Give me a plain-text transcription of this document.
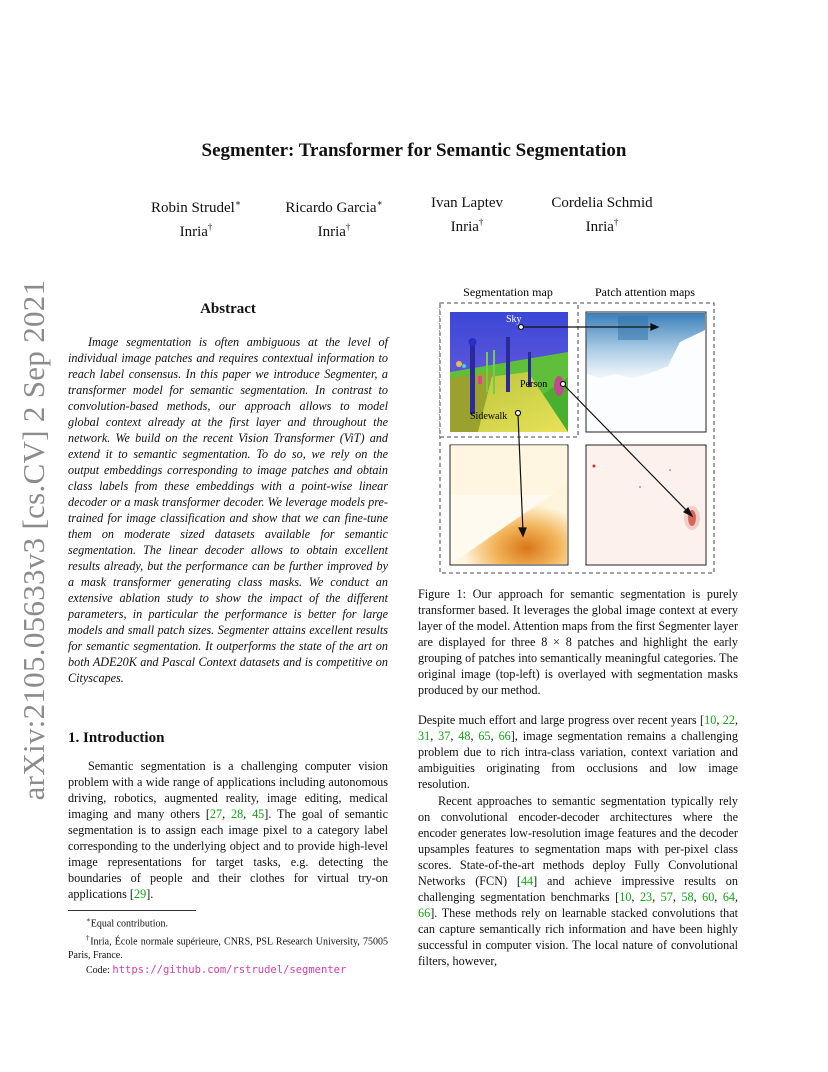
arXiv:2105.05633v3 [cs.CV] 2 Sep 2021
Segmenter: Transformer for Semantic Segmentation
Robin Strudel∗
Inria†
Ricardo Garcia∗
Inria†
Ivan Laptev
Inria†
Cordelia Schmid
Inria†
Abstract

Image segmentation is often ambiguous at the level of individual image patches and requires contextual information to reach label consensus. In this paper we introduce Segmenter, a transformer model for semantic segmentation. In contrast to convolution-based methods, our approach allows to model global context already at the first layer and throughout the network. We build on the recent Vision Transformer (ViT) and extend it to semantic segmentation. To do so, we rely on the output embeddings corresponding to image patches and obtain class labels from these embeddings with a point-wise linear decoder or a mask transformer decoder. We leverage models pre-trained for image classification and show that we can fine-tune them on moderate sized datasets available for semantic segmentation. The linear decoder allows to obtain excellent results already, but the performance can be further improved by a mask transformer generating class masks. We conduct an extensive ablation study to show the impact of the different parameters, in particular the performance is better for large models and small patch sizes. Segmenter attains excellent results for semantic segmentation. It outperforms the state of the art on both ADE20K and Pascal Context datasets and is competitive on Cityscapes.

1. Introduction

Semantic segmentation is a challenging computer vision problem with a wide range of applications including autonomous driving, robotics, augmented reality, image editing, medical imaging and many others [27, 28, 45]. The goal of semantic segmentation is to assign each image pixel to a category label corresponding to the underlying object and to provide high-level image representations for target tasks, e.g. detecting the boundaries of people and their clothes for virtual try-on applications [29].

∗Equal contribution.

†Inria, École normale supérieure, CNRS, PSL Research University, 75005 Paris, France.

Code: https://github.com/rstrudel/segmenter

Segmentation map	Patch attention maps
Sky
Person
Sidewalk

Figure 1: Our approach for semantic segmentation is purely transformer based. It leverages the global image context at every layer of the model. Attention maps from the first Segmenter layer are displayed for three 8 × 8 patches and highlight the early grouping of patches into semantically meaningful categories. The original image (top-left) is overlayed with segmentation masks produced by our method.

Despite much effort and large progress over recent years [10, 22, 31, 37, 48, 65, 66], image segmentation remains a challenging problem due to rich intra-class variation, context variation and ambiguities originating from occlusions and low image resolution.

Recent approaches to semantic segmentation typically rely on convolutional encoder-decoder architectures where the encoder generates low-resolution image features and the decoder upsamples features to segmentation maps with per-pixel class scores. State-of-the-art methods deploy Fully Convolutional Networks (FCN) [44] and achieve impressive results on challenging segmentation benchmarks [10, 23, 57, 58, 60, 64, 66]. These methods rely on learnable stacked convolutions that can capture semantically rich information and have been highly successful in computer vision. The local nature of convolutional filters, however,
